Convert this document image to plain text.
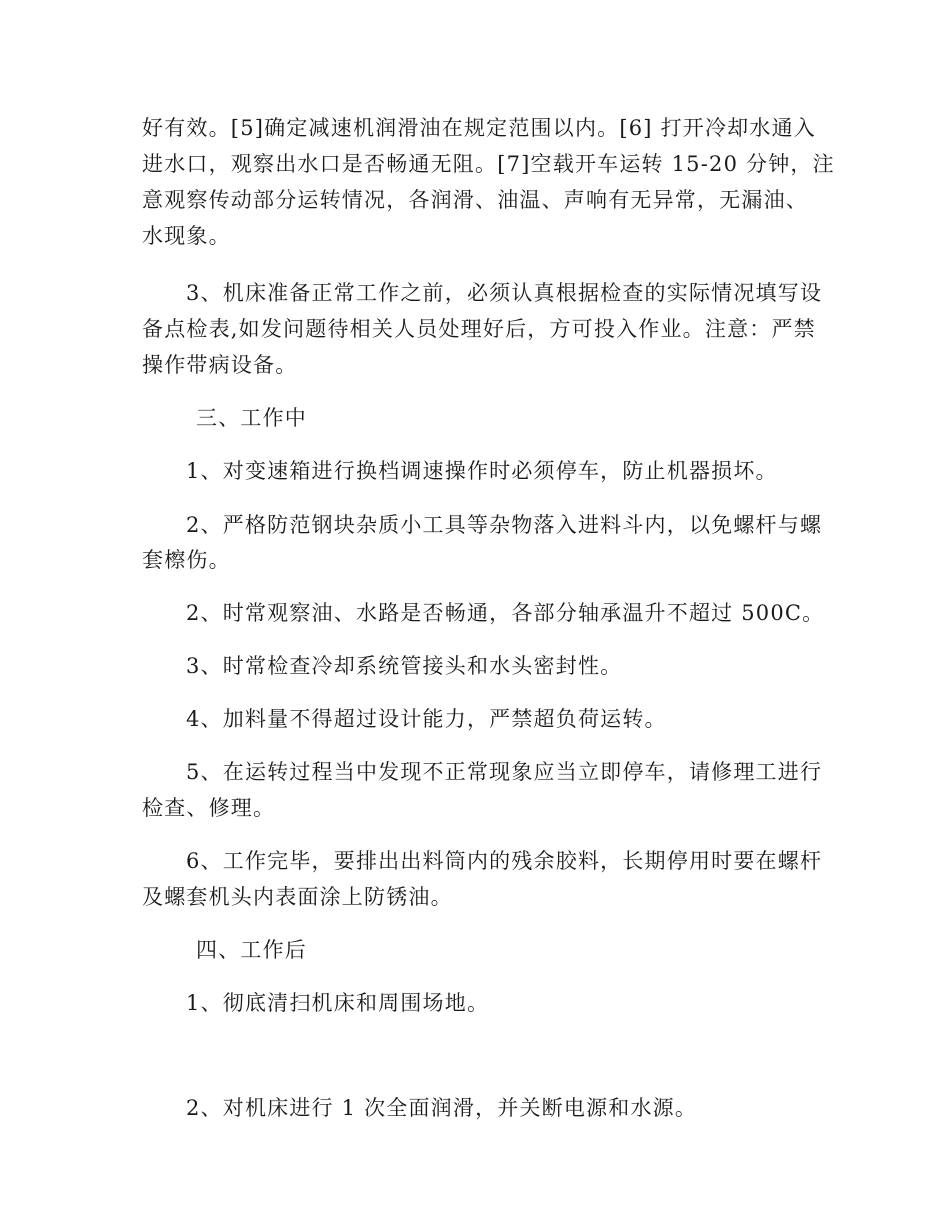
好有效。[5]确定减速机润滑油在规定范围以内。[6] 打开冷却水通入
进水口，观察出水口是否畅通无阻。[7]空载开车运转 15-20 分钟，注
意观察传动部分运转情况，各润滑、油温、声响有无异常，无漏油、
水现象。
3、机床准备正常工作之前，必须认真根据检查的实际情况填写设
备点检表,如发问题待相关人员处理好后，方可投入作业。注意：严禁
操作带病设备。
三、工作中
1、对变速箱进行换档调速操作时必须停车，防止机器损坏。
2、严格防范钢块杂质小工具等杂物落入进料斗内，以免螺杆与螺
套檫伤。
2、时常观察油、水路是否畅通，各部分轴承温升不超过 500C。
3、时常检查冷却系统管接头和水头密封性。
4、加料量不得超过设计能力，严禁超负荷运转。
5、在运转过程当中发现不正常现象应当立即停车，请修理工进行
检查、修理。
6、工作完毕，要排出出料筒内的残余胶料，长期停用时要在螺杆
及螺套机头内表面涂上防锈油。
四、工作后
1、彻底清扫机床和周围场地。
2、对机床进行 1 次全面润滑，并关断电源和水源。
